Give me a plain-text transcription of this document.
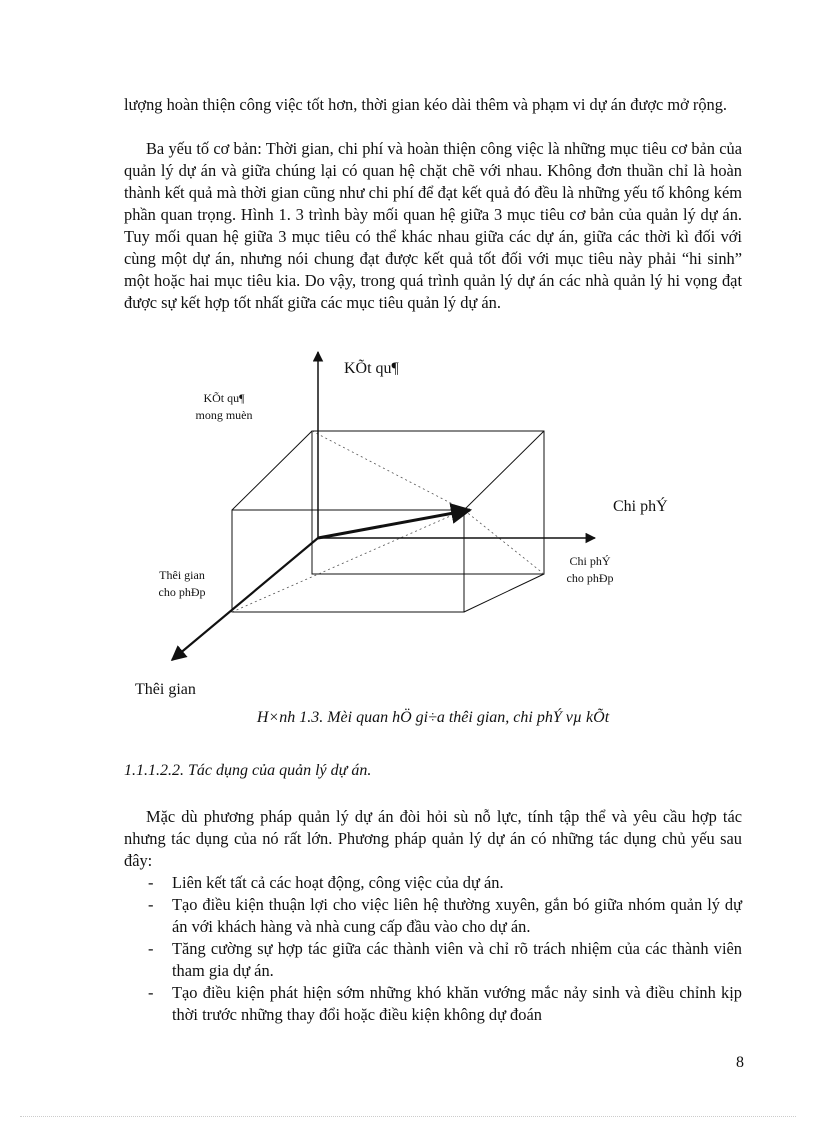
lượng hoàn thiện công việc tốt hơn, thời gian kéo dài thêm và phạm vi dự án được mở rộng.

Ba yếu tố cơ bản: Thời gian, chi phí và hoàn thiện công việc là những mục tiêu cơ bản của quản lý dự án và giữa chúng lại có quan hệ chặt chẽ với nhau. Không đơn thuần chỉ là hoàn thành kết quả mà thời gian cũng như chi phí để đạt kết quả đó đều là những yếu tố không kém phần quan trọng. Hình 1. 3 trình bày mối quan hệ giữa 3 mục tiêu cơ bản của quản lý dự án. Tuy mối quan hệ giữa 3 mục tiêu có thể khác nhau giữa các dự án, giữa các thời kì đối với cùng một dự án, nhưng nói chung đạt được kết quả tốt đối với mục tiêu này phải “hi sinh” một hoặc hai mục tiêu kia. Do vậy, trong quá trình quản lý dự án các nhà quản lý hi vọng đạt được sự kết hợp tốt nhất giữa các mục tiêu quản lý dự án.

KÕt qu¶
KÕt qu¶
mong muèn
Chi phÝ
Chi phÝ
cho phÐp
Thêi gian
cho phÐp
Thêi gian
H×nh 1.3. Mèi quan hÖ gi÷a thêi gian, chi phÝ vµ kÕt
1.1.1.2.2. Tác dụng của quản lý dự án.

Mặc dù phương pháp quản lý dự án đòi hỏi sù nỗ lực, tính tập thể và yêu cầu hợp tác nhưng tác dụng của nó rất lớn. Phương pháp quản lý dự án có những tác dụng chủ yếu sau đây:

- Liên kết tất cả các hoạt động, công việc của dự án.
- Tạo điều kiện thuận lợi cho việc liên hệ thường xuyên, gắn bó giữa nhóm quản lý dự án với khách hàng và nhà cung cấp đầu vào cho dự án.
- Tăng cường sự hợp tác giữa các thành viên và chỉ rõ trách nhiệm của các thành viên tham gia dự án.
- Tạo điều kiện phát hiện sớm những khó khăn vướng mắc nảy sinh và điều chỉnh kịp thời trước những thay đổi hoặc điều kiện không dự đoán
8
